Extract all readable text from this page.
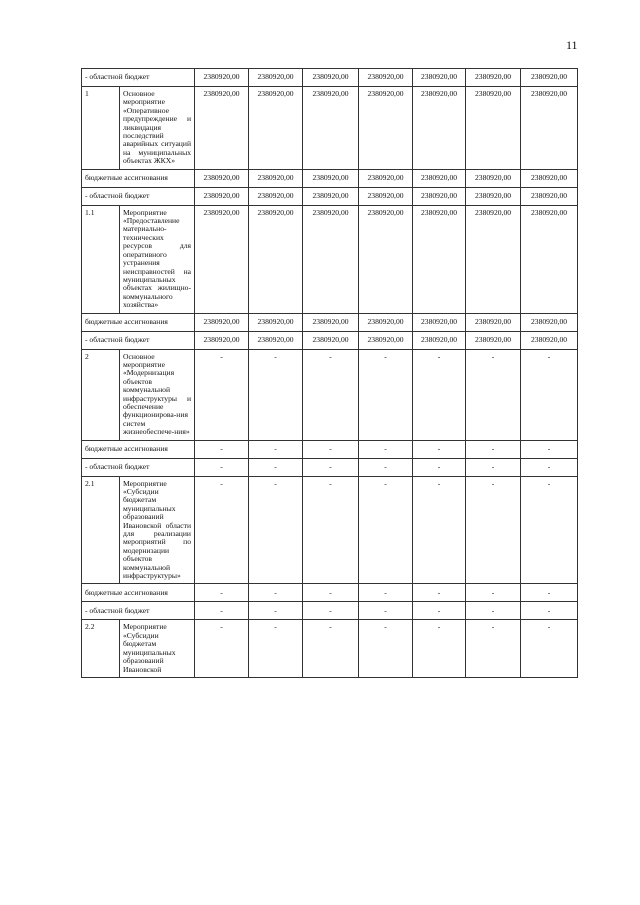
11
- областной бюджет		2380920,00	2380920,00	2380920,00	2380920,00	2380920,00	2380920,00	2380920,00
1	Основное мероприятие «Оперативное предупреждение и ликвидация последствий аварийных ситуаций на муниципальных объектах ЖКХ»	2380920,00	2380920,00	2380920,00	2380920,00	2380920,00	2380920,00	2380920,00
бюджетные ассигнования		2380920,00	2380920,00	2380920,00	2380920,00	2380920,00	2380920,00	2380920,00
- областной бюджет		2380920,00	2380920,00	2380920,00	2380920,00	2380920,00	2380920,00	2380920,00
1.1	Мероприятие «Предоставление материально-технических ресурсов для оперативного устранения неисправностей на муниципальных объектах жилищно-коммунального хозяйства»	2380920,00	2380920,00	2380920,00	2380920,00	2380920,00	2380920,00	2380920,00
бюджетные ассигнования		2380920,00	2380920,00	2380920,00	2380920,00	2380920,00	2380920,00	2380920,00
- областной бюджет		2380920,00	2380920,00	2380920,00	2380920,00	2380920,00	2380920,00	2380920,00
2	Основное мероприятие «Модернизация объектов коммунальной инфраструктуры и обеспечение функционирова-ния систем жизнеобеспече-ния»	-	-	-	-	-	-	-
бюджетные ассигнования		-	-	-	-	-	-	-
- областной бюджет		-	-	-	-	-	-	-
2.1	Мероприятие «Субсидии бюджетам муниципальных образований Ивановской области для реализации мероприятий по модернизации объектов коммунальной инфраструктуры»	-	-	-	-	-	-	-
бюджетные ассигнования		-	-	-	-	-	-	-
- областной бюджет		-	-	-	-	-	-	-
2.2	Мероприятие «Субсидии бюджетам муниципальных образований Ивановской	-	-	-	-	-	-	-
